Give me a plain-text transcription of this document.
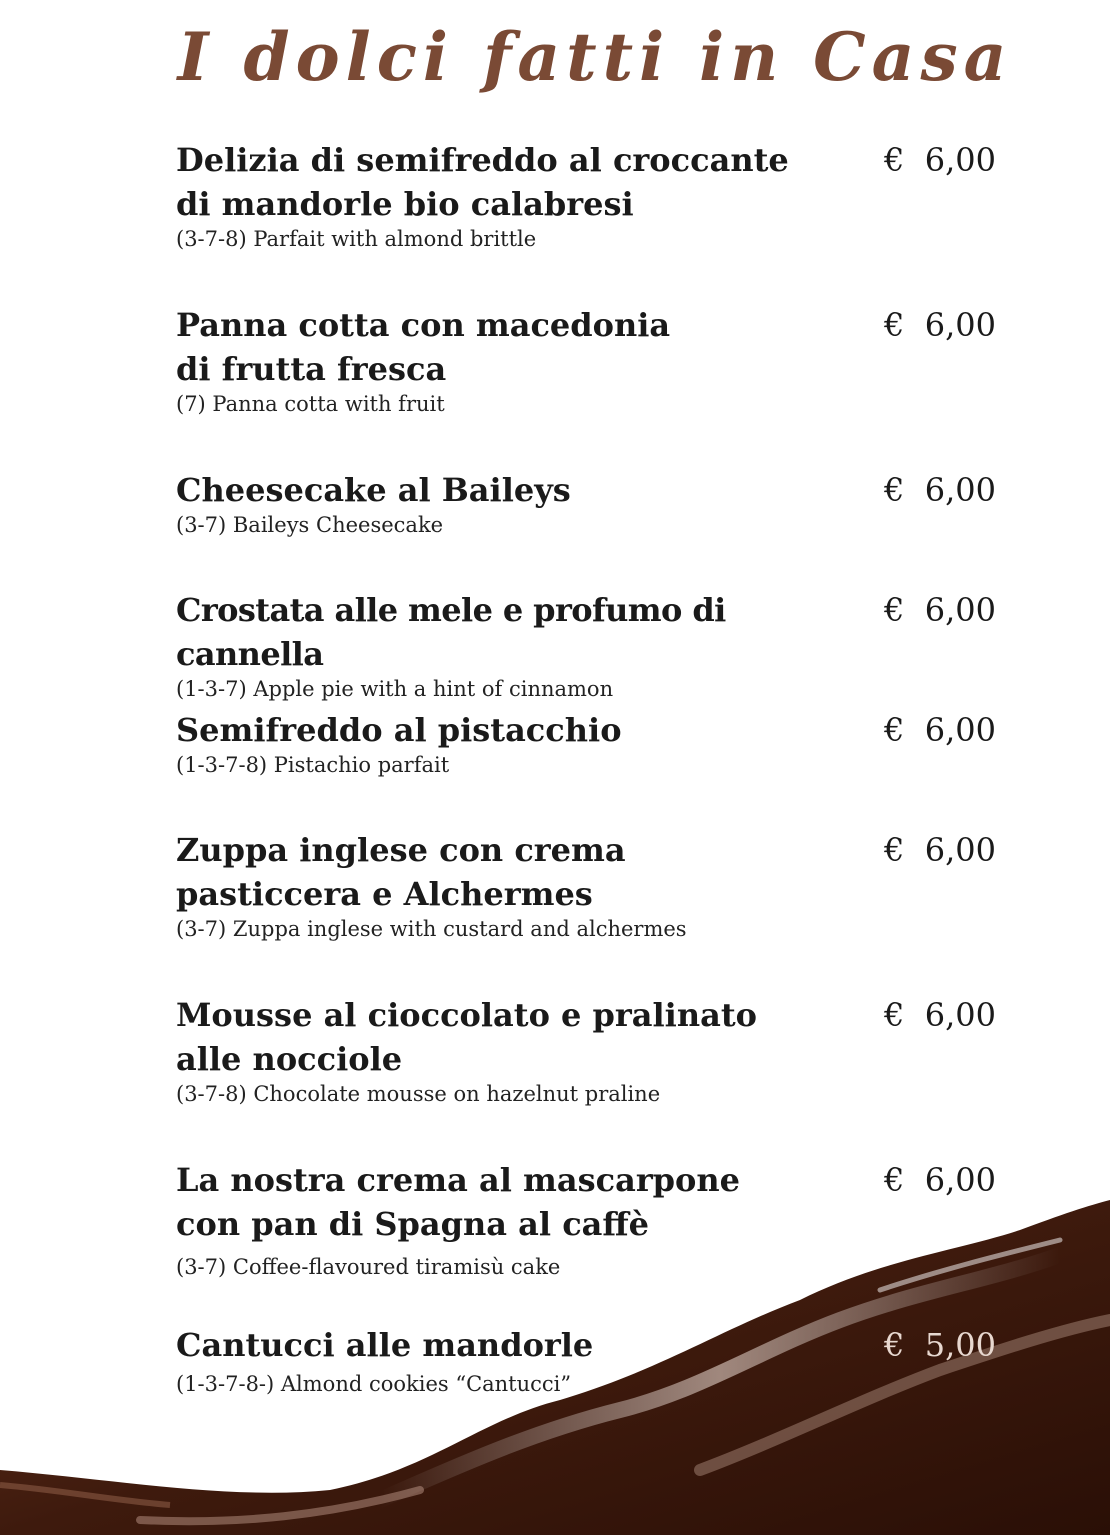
I dolci fatti in Casa
Delizia di semifreddo al croccante
di mandorle bio calabresi
(3-7-8) Parfait with almond brittle
€  6,00
Panna cotta con macedonia
di frutta fresca
(7) Panna cotta with fruit
€  6,00
Cheesecake al Baileys
(3-7) Baileys Cheesecake
€  6,00
Crostata alle mele e profumo di cannella
(1-3-7) Apple pie with a hint of cinnamon
€  6,00
Semifreddo al pistacchio
(1-3-7-8) Pistachio parfait
€  6,00
Zuppa inglese con crema
pasticcera e Alchermes
(3-7) Zuppa inglese with custard and alchermes
€  6,00
Mousse al cioccolato e pralinato
alle nocciole
(3-7-8) Chocolate mousse on hazelnut praline
€  6,00
La nostra crema al mascarpone
con pan di Spagna al caffè
(3-7) Coffee-flavoured tiramisù cake
€  6,00
Cantucci alle mandorle
(1-3-7-8-) Almond cookies “Cantucci”
€  5,00
